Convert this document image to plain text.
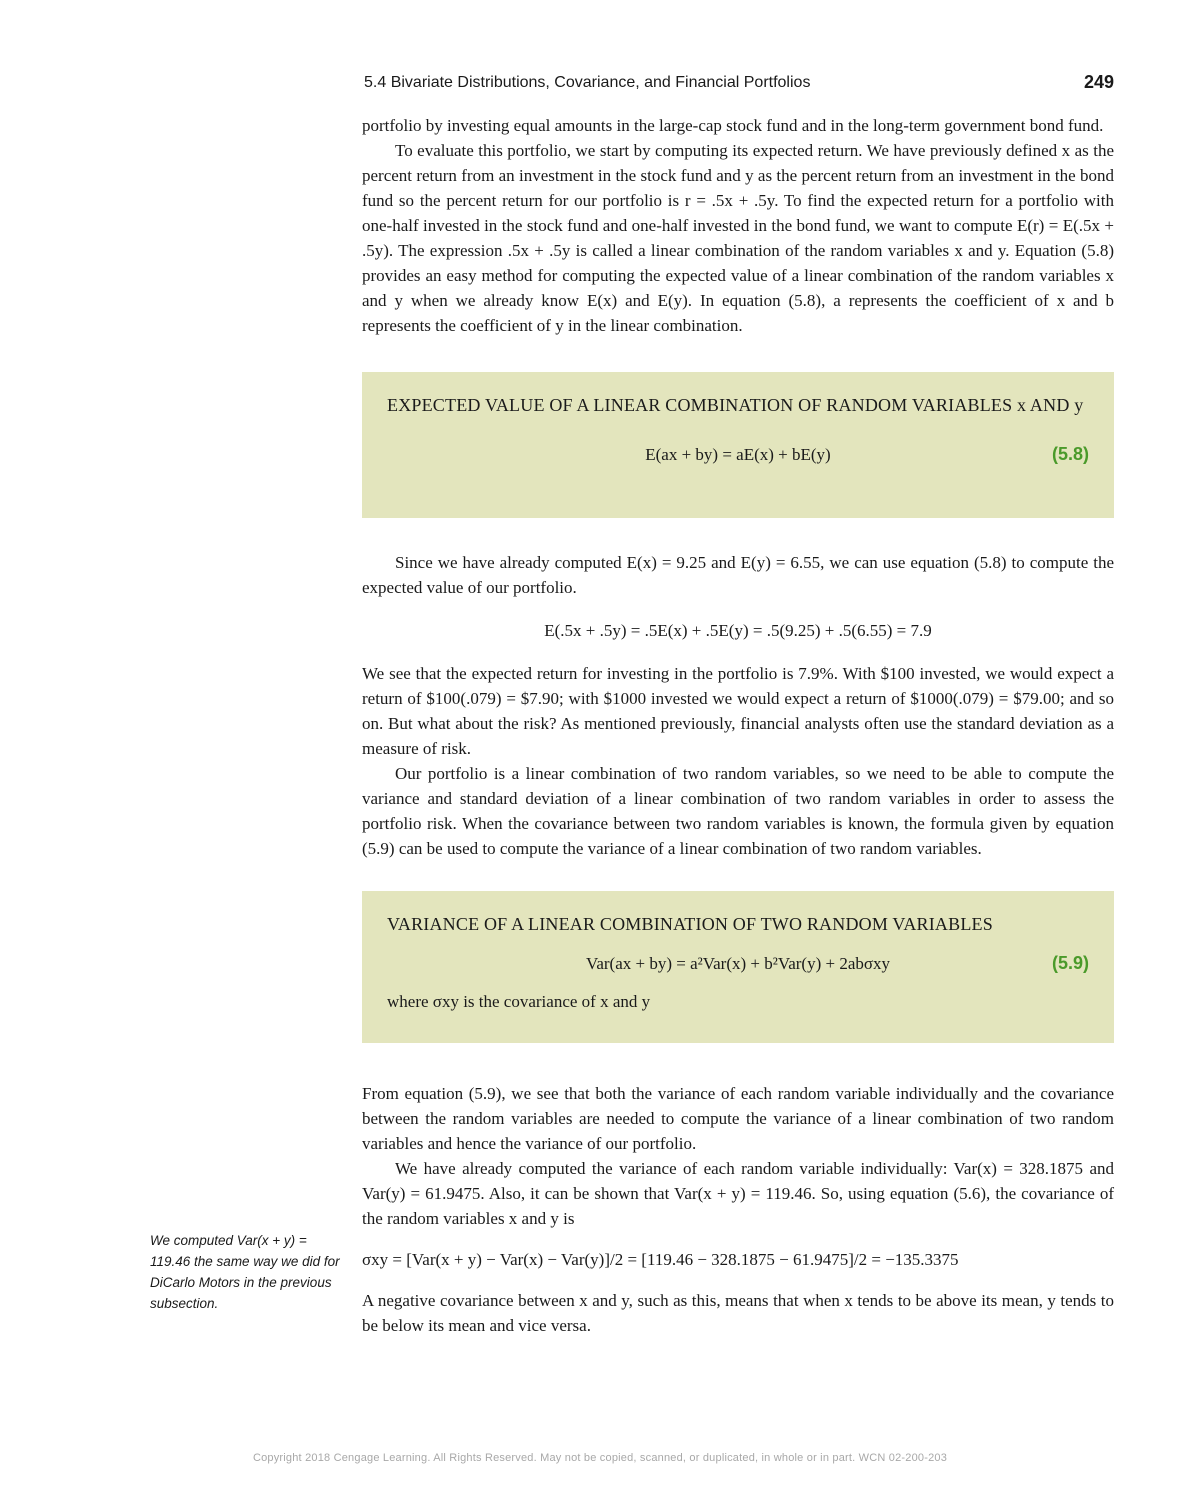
5.4 Bivariate Distributions, Covariance, and Financial Portfolios	249

portfolio by investing equal amounts in the large-cap stock fund and in the long-term government bond fund.

To evaluate this portfolio, we start by computing its expected return. We have previously defined x as the percent return from an investment in the stock fund and y as the percent return from an investment in the bond fund so the percent return for our portfolio is r = .5x + .5y. To find the expected return for a portfolio with one-half invested in the stock fund and one-half invested in the bond fund, we want to compute E(r) = E(.5x + .5y). The expression .5x + .5y is called a linear combination of the random variables x and y. Equation (5.8) provides an easy method for computing the expected value of a linear combination of the random variables x and y when we already know E(x) and E(y). In equation (5.8), a represents the coefficient of x and b represents the coefficient of y in the linear combination.

EXPECTED VALUE OF A LINEAR COMBINATION OF RANDOM VARIABLES x AND y
E(ax + by) = aE(x) + bE(y)	(5.8)

Since we have already computed E(x) = 9.25 and E(y) = 6.55, we can use equation (5.8) to compute the expected value of our portfolio.

E(.5x + .5y) = .5E(x) + .5E(y) = .5(9.25) + .5(6.55) = 7.9

We see that the expected return for investing in the portfolio is 7.9%. With $100 invested, we would expect a return of $100(.079) = $7.90; with $1000 invested we would expect a return of $1000(.079) = $79.00; and so on. But what about the risk? As mentioned previously, financial analysts often use the standard deviation as a measure of risk.

Our portfolio is a linear combination of two random variables, so we need to be able to compute the variance and standard deviation of a linear combination of two random variables in order to assess the portfolio risk. When the covariance between two random variables is known, the formula given by equation (5.9) can be used to compute the variance of a linear combination of two random variables.

VARIANCE OF A LINEAR COMBINATION OF TWO RANDOM VARIABLES
Var(ax + by) = a²Var(x) + b²Var(y) + 2abσxy	(5.9)
where σxy is the covariance of x and y

From equation (5.9), we see that both the variance of each random variable individually and the covariance between the random variables are needed to compute the variance of a linear combination of two random variables and hence the variance of our portfolio.

We have already computed the variance of each random variable individually: Var(x) = 328.1875 and Var(y) = 61.9475. Also, it can be shown that Var(x + y) = 119.46. So, using equation (5.6), the covariance of the random variables x and y is

σxy = [Var(x + y) − Var(x) − Var(y)]/2 = [119.46 − 328.1875 − 61.9475]/2 = −135.3375

A negative covariance between x and y, such as this, means that when x tends to be above its mean, y tends to be below its mean and vice versa.

We computed Var(x + y) = 119.46 the same way we did for DiCarlo Motors in the previous subsection.
Copyright 2018 Cengage Learning. All Rights Reserved. May not be copied, scanned, or duplicated, in whole or in part. WCN 02-200-203
